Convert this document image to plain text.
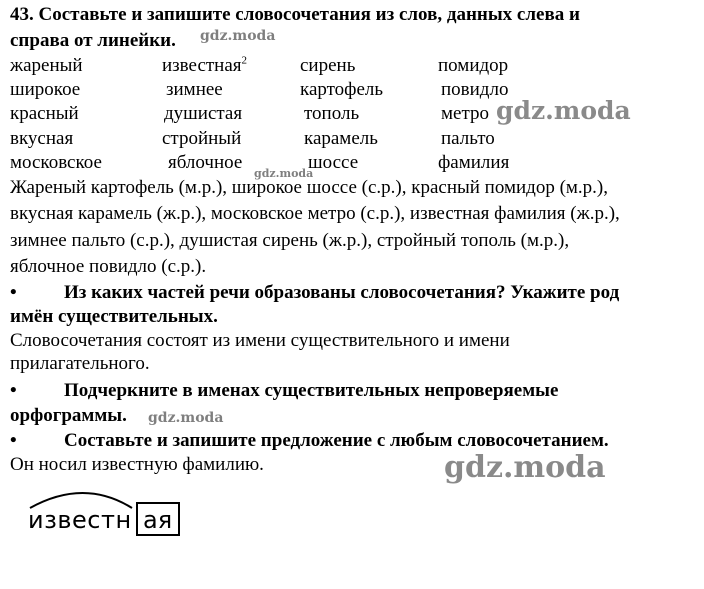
43. Составьте и запишите словосочетания из слов, данных слева и
справа от линейки. gdz.moda
жареный	известная$^2$	сирень	помидор
широкое	зимнее	картофель	повидло
красный	душистая	тополь	метро gdz.moda
вкусная	стройный	карамель	пальто
московское	яблочное	шоссе	фамилия
gdz.moda
Жареный картофель (м.р.), широкое шоссе (с.р.), красный помидор (м.р.),
вкусная карамель (ж.р.), московское метро (с.р.), известная фамилия (ж.р.),
зимнее пальто (с.р.), душистая сирень (ж.р.), стройный тополь (м.р.),
яблочное повидло (с.р.).
• Из каких частей речи образованы словосочетания? Укажите род
имён существительных.
Словосочетания состоят из имени существительного и имени
прилагательного.
• Подчеркните в именах существительных непроверяемые
орфограммы. gdz.moda
• Составьте и запишите предложение с любым словосочетанием.
Он носил известную фамилию.	gdz.moda
известн ая
